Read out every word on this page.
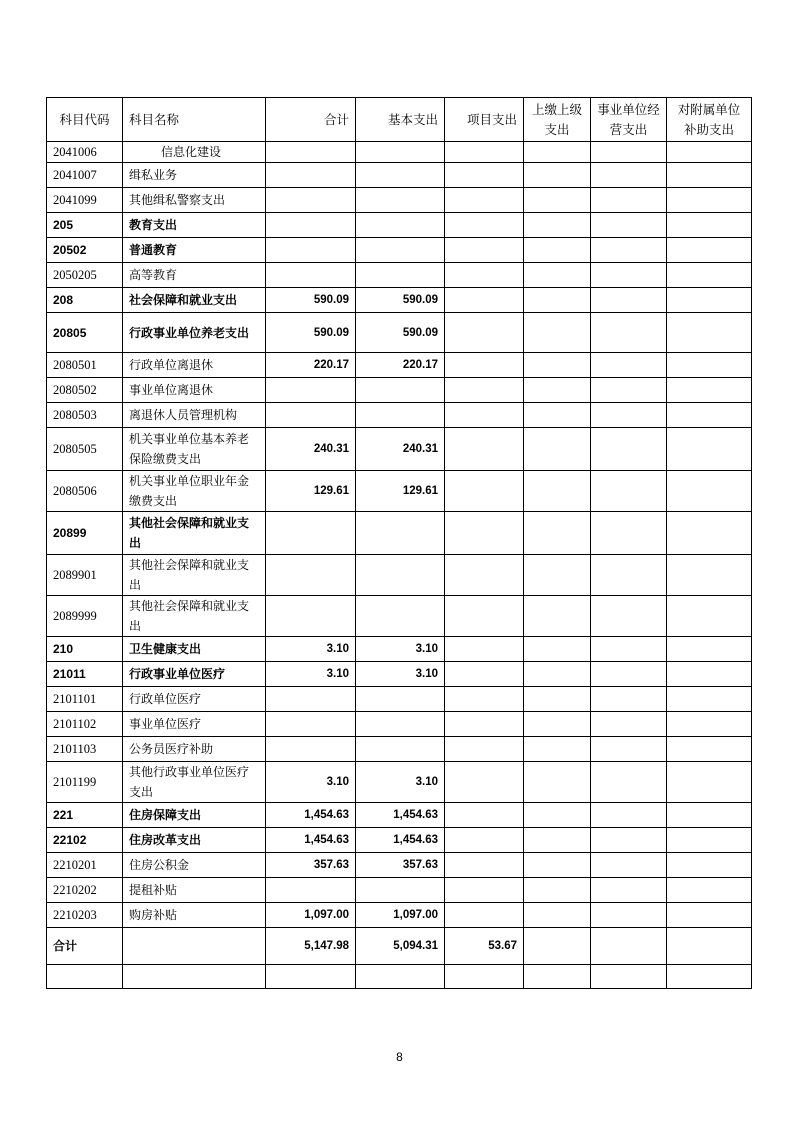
科目代码	科目名称	合计	基本支出	项目支出	上缴上级支出	事业单位经营支出	对附属单位补助支出
2041006	信息化建设						
2041007	缉私业务						
2041099	其他缉私警察支出						
205	教育支出						
20502	普通教育						
2050205	高等教育						
208	社会保障和就业支出	590.09	590.09				
20805	行政事业单位养老支出	590.09	590.09				
2080501	行政单位离退休	220.17	220.17				
2080502	事业单位离退休						
2080503	离退休人员管理机构						
2080505	机关事业单位基本养老保险缴费支出	240.31	240.31				
2080506	机关事业单位职业年金缴费支出	129.61	129.61				
20899	其他社会保障和就业支出						
2089901	其他社会保障和就业支出						
2089999	其他社会保障和就业支出						
210	卫生健康支出	3.10	3.10				
21011	行政事业单位医疗	3.10	3.10				
2101101	行政单位医疗						
2101102	事业单位医疗						
2101103	公务员医疗补助						
2101199	其他行政事业单位医疗支出	3.10	3.10				
221	住房保障支出	1,454.63	1,454.63				
22102	住房改革支出	1,454.63	1,454.63				
2210201	住房公积金	357.63	357.63				
2210202	提租补贴						
2210203	购房补贴	1,097.00	1,097.00				
合计		5,147.98	5,094.31	53.67			

8
